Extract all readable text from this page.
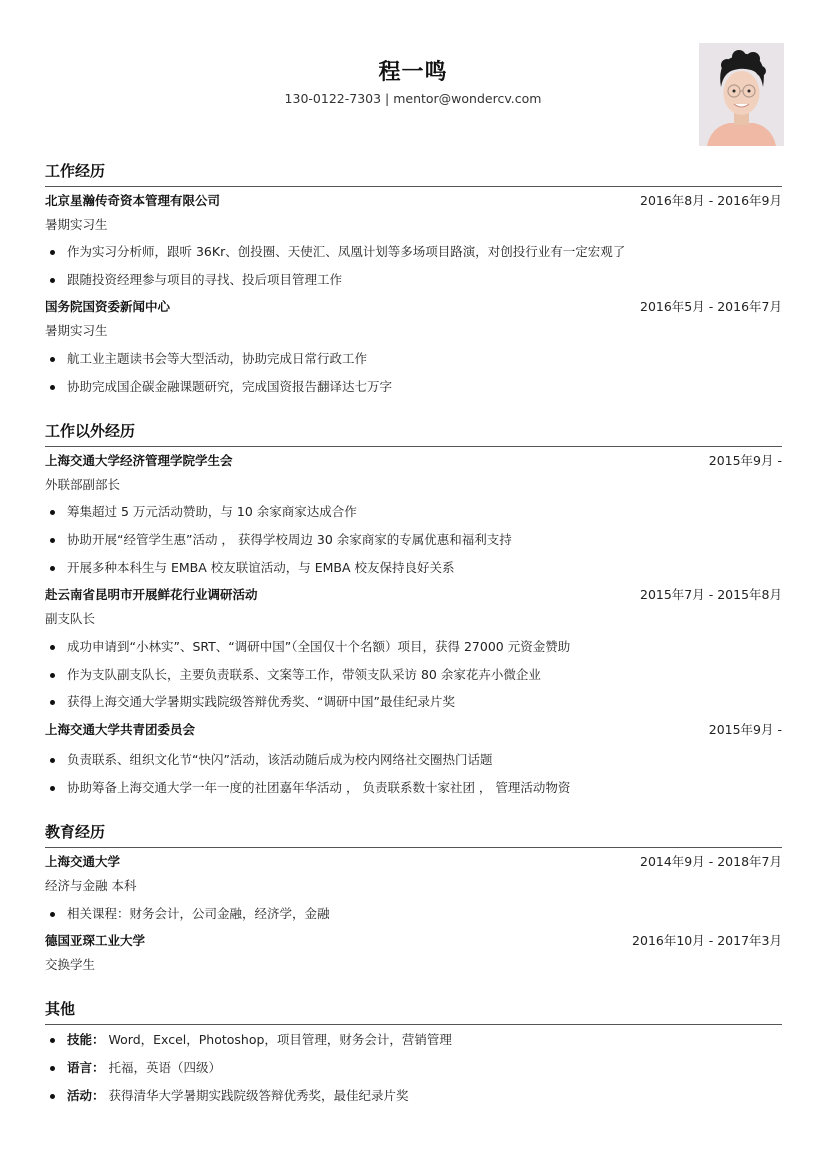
程一鸣
130-0122-7303 | mentor@wondercv.com
工作经历
北京星瀚传奇资本管理有限公司	2016年8月 - 2016年9月
暑期实习生
作为实习分析师，跟听 36Kr、创投圈、天使汇、凤凰计划等多场项目路演，对创投行业有一定宏观了
跟随投资经理参与项目的寻找、投后项目管理工作
国务院国资委新闻中心	2016年5月 - 2016年7月
暑期实习生
航工业主题读书会等大型活动，协助完成日常行政工作
协助完成国企碳金融课题研究，完成国资报告翻译达七万字
工作以外经历
上海交通大学经济管理学院学生会	2015年9月 -
外联部副部长
筹集超过 5 万元活动赞助，与 10 余家商家达成合作
协助开展“经管学生惠”活动 ， 获得学校周边 30 余家商家的专属优惠和福利支持
开展多种本科生与 EMBA 校友联谊活动，与 EMBA 校友保持良好关系
赴云南省昆明市开展鲜花行业调研活动	2015年7月 - 2015年8月
副支队长
成功申请到“小林实”、SRT、“调研中国”（全国仅十个名额）项目，获得 27000 元资金赞助
作为支队副支队长，主要负责联系、文案等工作，带领支队采访 80 余家花卉小微企业
获得上海交通大学暑期实践院级答辩优秀奖、“调研中国”最佳纪录片奖
上海交通大学共青团委员会	2015年9月 -
负责联系、组织文化节“快闪”活动，该活动随后成为校内网络社交圈热门话题
协助筹备上海交通大学一年一度的社团嘉年华活动 ， 负责联系数十家社团 ， 管理活动物资
教育经历
上海交通大学	2014年9月 - 2018年7月
经济与金融 本科
相关课程：财务会计，公司金融，经济学，金融
德国亚琛工业大学	2016年10月 - 2017年3月
交换学生
其他
技能： Word，Excel，Photoshop，项目管理，财务会计，营销管理
语言： 托福，英语（四级）
活动： 获得清华大学暑期实践院级答辩优秀奖，最佳纪录片奖
